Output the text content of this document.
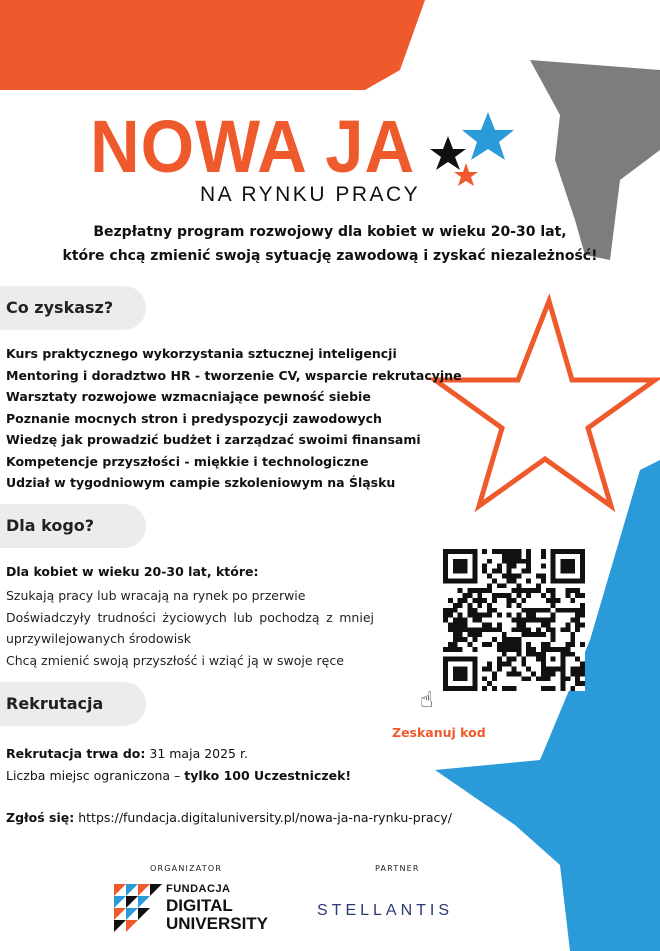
NOWA JA
NA RYNKU PRACY
Bezpłatny program rozwojowy dla kobiet w wieku 20-30 lat,
które chcą zmienić swoją sytuację zawodową i zyskać niezależność!
Co zyskasz?
Kurs praktycznego wykorzystania sztucznej inteligencji
Mentoring i doradztwo HR - tworzenie CV, wsparcie rekrutacyjne
Warsztaty rozwojowe wzmacniające pewność siebie
Poznanie mocnych stron i predyspozycji zawodowych
Wiedzę jak prowadzić budżet i zarządzać swoimi finansami
Kompetencje przyszłości - miękkie i technologiczne
Udział w tygodniowym campie szkoleniowym na Śląsku
Dla kogo?
Dla kobiet w wieku 20-30 lat, które:
Szukają pracy lub wracają na rynek po przerwie
Doświadczyły trudności życiowych lub pochodzą z mniej uprzywilejowanych środowisk
Chcą zmienić swoją przyszłość i wziąć ją w swoje ręce
Rekrutacja
Rekrutacja trwa do: 31 maja 2025 r.
Liczba miejsc ograniczona – tylko 100 Uczestniczek!
Zgłoś się: https://fundacja.digitaluniversity.pl/nowa-ja-na-rynku-pracy/
☝
Zeskanuj kod
ORGANIZATOR	PARTNER
FUNDACJA
DIGITAL
UNIVERSITY
STELLANTIS
